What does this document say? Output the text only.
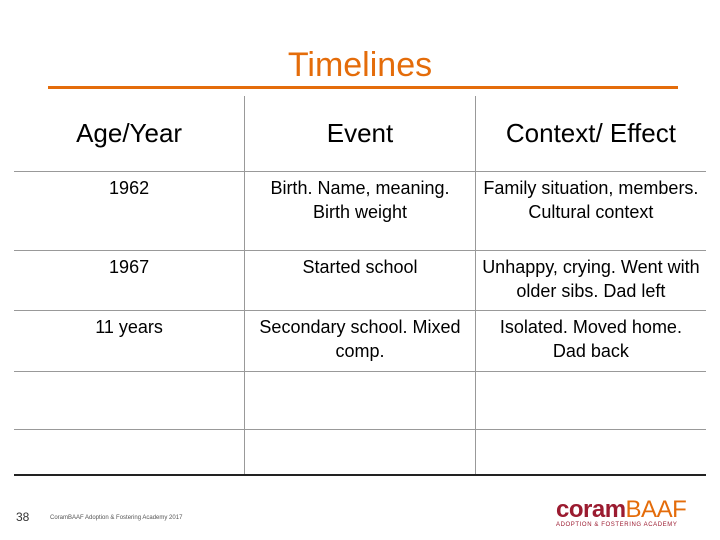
Timelines
Age/Year	Event	Context/ Effect
1962	Birth. Name, meaning. Birth weight	Family situation, members. Cultural context
1967	Started school	Unhappy, crying. Went with older sibs. Dad left
11 years	Secondary school. Mixed comp.	Isolated. Moved home. Dad back

38	CoramBAAF Adoption & Fostering Academy 2017	coramBAAF
ADOPTION & FOSTERING ACADEMY
